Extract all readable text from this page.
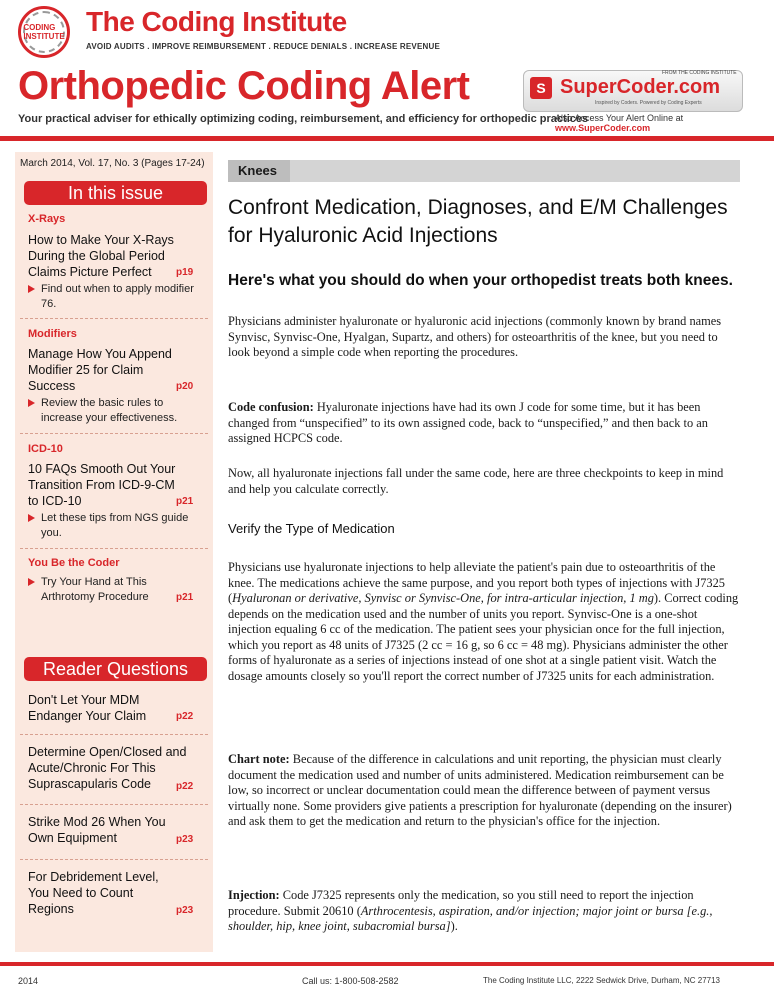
CODING INSTITUTE The Coding Institute
AVOID AUDITS . IMPROVE REIMBURSEMENT . REDUCE DENIALS . INCREASE REVENUE
Orthopedic Coding Alert
Your practical adviser for ethically optimizing coding, reimbursement, and efficiency for orthopedic practices
FROM THE CODING INSTITUTE
S SuperCoder.com
Inspired by Coders. Powered by Coding Experts
Also Access Your Alert Online at www.SuperCoder.com
March 2014, Vol. 17, No. 3 (Pages 17-24)
In this issue
X-Rays
How to Make Your X-Rays During the Global Period Claims Picture Perfect	p19
Find out when to apply modifier 76.
Modifiers
Manage How You Append Modifier 25 for Claim Success	p20
Review the basic rules to increase your effectiveness.
ICD-10
10 FAQs Smooth Out Your Transition From ICD-9-CM to ICD-10	p21
Let these tips from NGS guide you.
You Be the Coder
Try Your Hand at This Arthrotomy Procedure	p21
Reader Questions
Don't Let Your MDM Endanger Your Claim	p22
Determine Open/Closed and Acute/Chronic For This Suprascapularis Code	p22
Strike Mod 26 When You Own Equipment	p23
For Debridement Level, You Need to Count Regions	p23
Knees
Confront Medication, Diagnoses, and E/M Challenges for Hyaluronic Acid Injections
Here's what you should do when your orthopedist treats both knees.
Physicians administer hyaluronate or hyaluronic acid injections (commonly known by brand names Synvisc, Synvisc-One, Hyalgan, Supartz, and others) for osteoarthritis of the knee, but you need to look beyond a simple code when reporting the procedures.
Code confusion: Hyaluronate injections have had its own J code for some time, but it has been changed from “unspecified” to its own assigned code, back to “unspecified,” and then back to an assigned HCPCS code.
Now, all hyaluronate injections fall under the same code, here are three checkpoints to keep in mind and help you calculate correctly.
Verify the Type of Medication
Physicians use hyaluronate injections to help alleviate the patient's pain due to osteoarthritis of the knee. The medications achieve the same purpose, and you report both types of injections with J7325 (Hyaluronan or derivative, Synvisc or Synvisc-One, for intra-articular injection, 1 mg). Correct coding depends on the medication used and the number of units you report. Synvisc-One is a one-shot injection equaling 6 cc of the medication. The patient sees your physician once for the full injection, which you report as 48 units of J7325 (2 cc = 16 g, so 6 cc = 48 mg). Physicians administer the other forms of hyaluronate as a series of injections instead of one shot at a single patient visit. Watch the dosage amounts closely so you'll report the correct number of J7325 units for each administration.
Chart note: Because of the difference in calculations and unit reporting, the physician must clearly document the medication used and number of units administered. Medication reimbursement can be low, so incorrect or unclear documentation could mean the difference between of payment versus virtually none. Some providers give patients a prescription for hyaluronate (depending on the insurer) and ask them to get the medication and return to the physician's office for the injection.
Injection: Code J7325 represents only the medication, so you still need to report the injection procedure. Submit 20610 (Arthrocentesis, aspiration, and/or injection; major joint or bursa [e.g., shoulder, hip, knee joint, subacromial bursa]).
2014	Call us: 1-800-508-2582	The Coding Institute LLC, 2222 Sedwick Drive, Durham, NC 27713
